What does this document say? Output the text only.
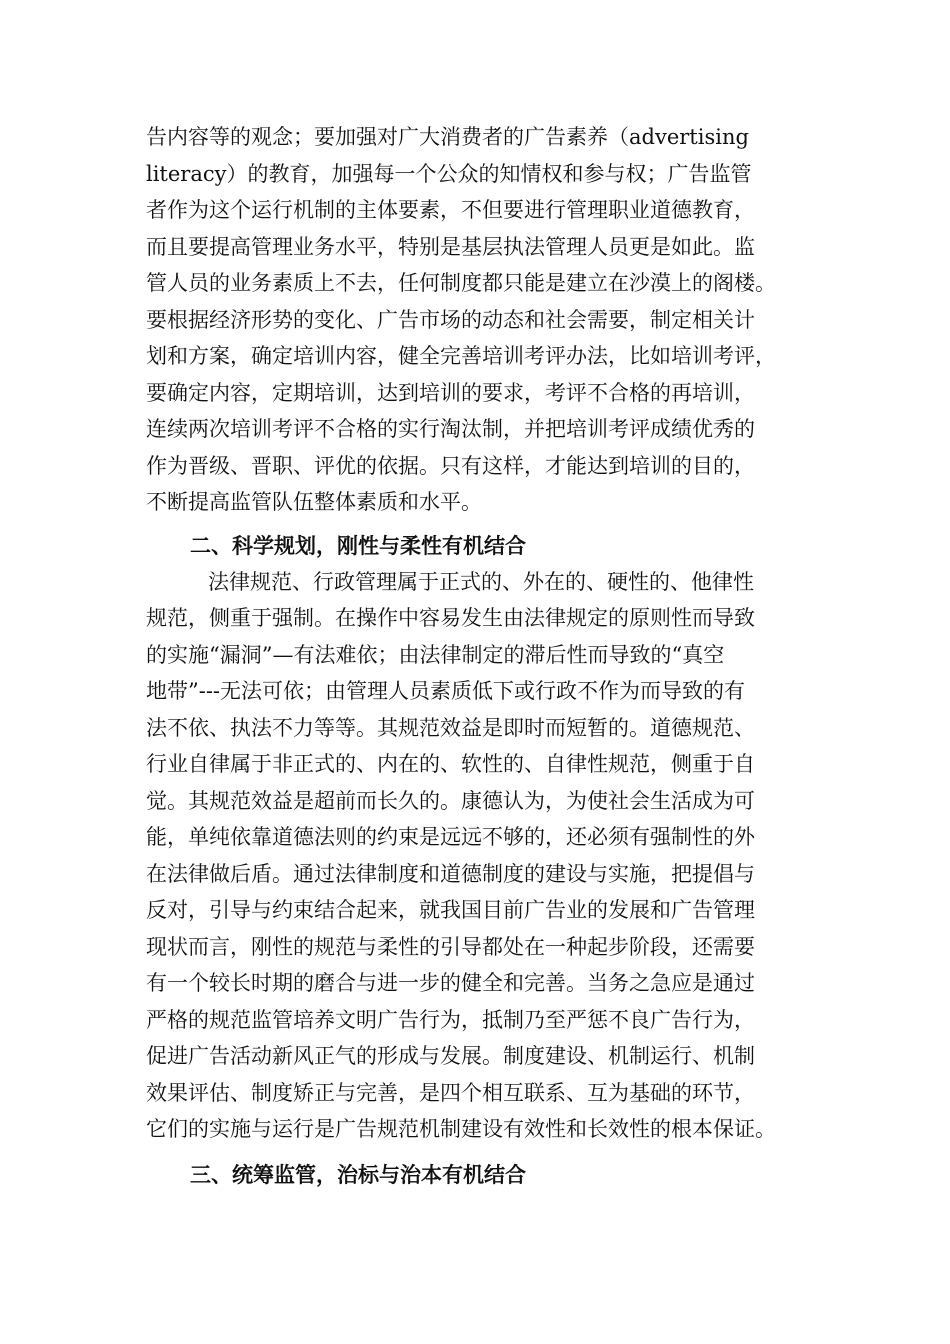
告内容等的观念；要加强对广大消费者的广告素养（advertising
literacy）的教育，加强每一个公众的知情权和参与权；广告监管
者作为这个运行机制的主体要素，不但要进行管理职业道德教育，
而且要提高管理业务水平，特别是基层执法管理人员更是如此。监
管人员的业务素质上不去，任何制度都只能是建立在沙漠上的阁楼。
要根据经济形势的变化、广告市场的动态和社会需要，制定相关计
划和方案，确定培训内容，健全完善培训考评办法，比如培训考评，
要确定内容，定期培训，达到培训的要求，考评不合格的再培训，
连续两次培训考评不合格的实行淘汰制，并把培训考评成绩优秀的
作为晋级、晋职、评优的依据。只有这样，才能达到培训的目的，
不断提高监管队伍整体素质和水平。
二、科学规划，刚性与柔性有机结合
法律规范、行政管理属于正式的、外在的、硬性的、他律性
规范，侧重于强制。在操作中容易发生由法律规定的原则性而导致
的实施“漏洞”—有法难依；由法律制定的滞后性而导致的“真空
地带”---无法可依；由管理人员素质低下或行政不作为而导致的有
法不依、执法不力等等。其规范效益是即时而短暂的。道德规范、
行业自律属于非正式的、内在的、软性的、自律性规范，侧重于自
觉。其规范效益是超前而长久的。康德认为，为使社会生活成为可
能，单纯依靠道德法则的约束是远远不够的，还必须有强制性的外
在法律做后盾。通过法律制度和道德制度的建设与实施，把提倡与
反对，引导与约束结合起来，就我国目前广告业的发展和广告管理
现状而言，刚性的规范与柔性的引导都处在一种起步阶段，还需要
有一个较长时期的磨合与进一步的健全和完善。当务之急应是通过
严格的规范监管培养文明广告行为，抵制乃至严惩不良广告行为，
促进广告活动新风正气的形成与发展。制度建设、机制运行、机制
效果评估、制度矫正与完善，是四个相互联系、互为基础的环节，
它们的实施与运行是广告规范机制建设有效性和长效性的根本保证。
三、统筹监管，治标与治本有机结合
